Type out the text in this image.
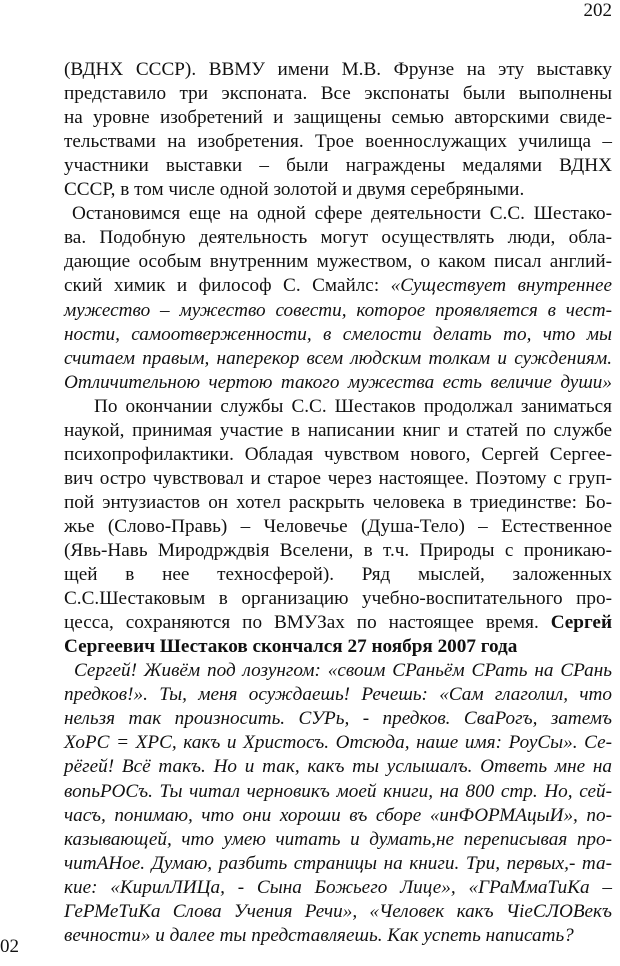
202
(ВДНХ СССР). ВВМУ имени М.В. Фрунзе на эту выставку
представило три экспоната. Все экспонаты были выполнены
на уровне изобретений и защищены семью авторскими свиде-
тельствами на изобретения. Трое военнослужащих училища –
участники выставки – были награждены медалями ВДНХ
СССР, в том числе одной золотой и двумя серебряными.
Остановимся еще на одной сфере деятельности С.С. Шестако-
ва. Подобную деятельность могут осуществлять люди, обла-
дающие особым внутренним мужеством, о каком писал англий-
ский химик и философ С. Смайлс: «Существует внутреннее
мужество – мужество совести, которое проявляется в чест-
ности, самоотверженности, в смелости делать то, что мы
считаем правым, наперекор всем людским толкам и суждениям.
Отличительною чертою такого мужества есть величие души»
По окончании службы С.С. Шестаков продолжал заниматься
наукой, принимая участие в написании книг и статей по службе
психопрофилактики. Обладая чувством нового, Сергей Сергее-
вич остро чувствовал и старое через настоящее. Поэтому с груп-
пой энтузиастов он хотел раскрыть человека в триединстве: Бо-
жье (Слово-Правь) – Человечье (Душа-Тело) – Естественное
(Явь-Навь Миродрждвія Вселени, в т.ч. Природы с проникаю-
щей в нее техносферой). Ряд мыслей, заложенных
С.С.Шестаковым в организацию учебно-воспитательного про-
цесса, сохраняются по ВМУЗах по настоящее время. Сергей
Сергеевич Шестаков скончался 27 ноября 2007 года
Сергей! Живём под лозунгом: «своим СРаньём СРать на СРань
предков!». Ты, меня осуждаешь! Речешь: «Сам глаголил, что
нельзя так произносить. СУРь, - предков. СваРогъ, затемъ
ХоРС = ХРС, какъ и Христосъ. Отсюда, наше имя: РоуСы». Се-
рёгей! Всё такъ. Но и так, какъ ты услышалъ. Ответь мне на
вопьРОСъ. Ты читал черновикъ моей книги, на 800 стр. Но, сей-
часъ, понимаю, что они хороши въ сборе «инФОРМАцыИ», по-
казывающей, что умею читать и думать,не переписывая про-
читАНое. Думаю, разбить страницы на книги. Три, первых,- та-
кие: «КирилЛИЦа, - Сына Божьего Лице», «ГРаМмаТиКа –
ГеРМеТиКа Слова Учения Речи», «Человек какъ ЧіеСЛОВекъ
вечности» и далее ты представляешь. Как успеть написать?
02
